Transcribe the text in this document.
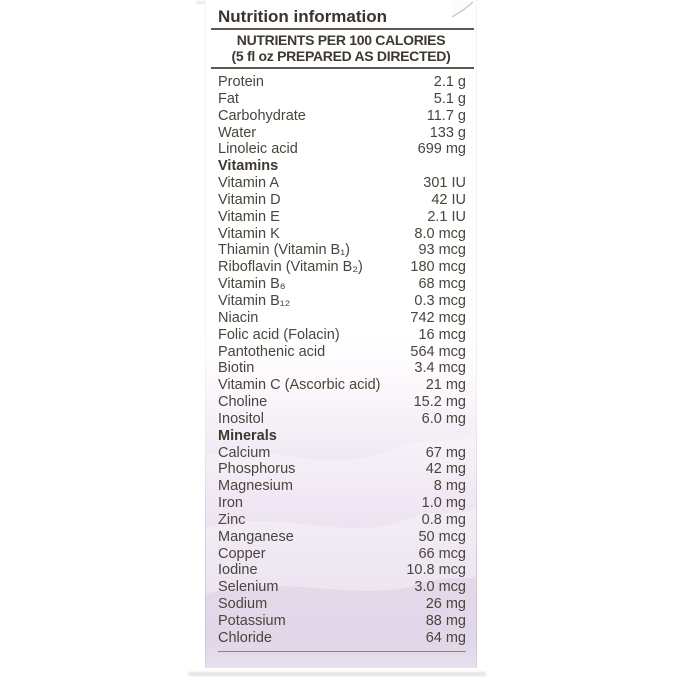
Nutrition information
NUTRIENTS PER 100 CALORIES
(5 fl oz PREPARED AS DIRECTED)
Protein	2.1 g
Fat	5.1 g
Carbohydrate	11.7 g
Water	133 g
Linoleic acid	699 mg
Vitamins
Vitamin A	301 IU
Vitamin D	42 IU
Vitamin E	2.1 IU
Vitamin K	8.0 mcg
Thiamin (Vitamin B₁)	93 mcg
Riboflavin (Vitamin B₂)	180 mcg
Vitamin B₆	68 mcg
Vitamin B₁₂	0.3 mcg
Niacin	742 mcg
Folic acid (Folacin)	16 mcg
Pantothenic acid	564 mcg
Biotin	3.4 mcg
Vitamin C (Ascorbic acid)	21 mg
Choline	15.2 mg
Inositol	6.0 mg
Minerals
Calcium	67 mg
Phosphorus	42 mg
Magnesium	8 mg
Iron	1.0 mg
Zinc	0.8 mg
Manganese	50 mcg
Copper	66 mcg
Iodine	10.8 mcg
Selenium	3.0 mcg
Sodium	26 mg
Potassium	88 mg
Chloride	64 mg
